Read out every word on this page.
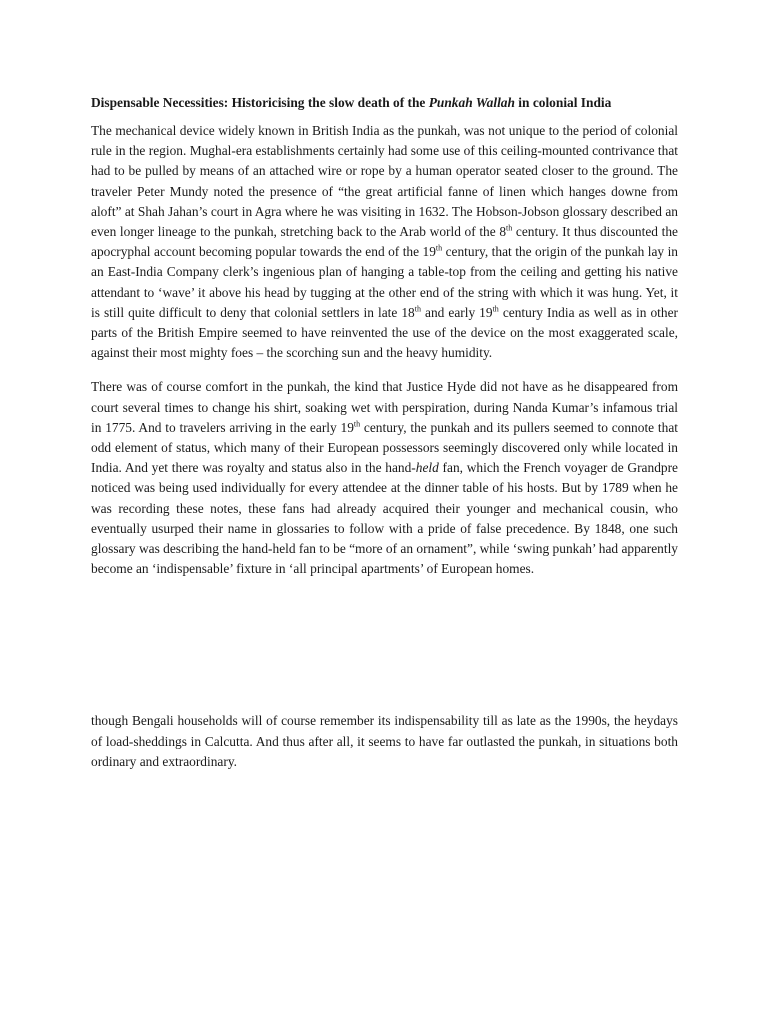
Dispensable Necessities: Historicising the slow death of the Punkah Wallah in colonial India

The mechanical device widely known in British India as the punkah, was not unique to the period of colonial rule in the region. Mughal-era establishments certainly had some use of this ceiling-mounted contrivance that had to be pulled by means of an attached wire or rope by a human operator seated closer to the ground. The traveler Peter Mundy noted the presence of “the great artificial fanne of linen which hanges downe from aloft” at Shah Jahan’s court in Agra where he was visiting in 1632. The Hobson-Jobson glossary described an even longer lineage to the punkah, stretching back to the Arab world of the 8th century. It thus discounted the apocryphal account becoming popular towards the end of the 19th century, that the origin of the punkah lay in an East-India Company clerk’s ingenious plan of hanging a table-top from the ceiling and getting his native attendant to ‘wave’ it above his head by tugging at the other end of the string with which it was hung. Yet, it is still quite difficult to deny that colonial settlers in late 18th and early 19th century India as well as in other parts of the British Empire seemed to have reinvented the use of the device on the most exaggerated scale, against their most mighty foes – the scorching sun and the heavy humidity.

There was of course comfort in the punkah, the kind that Justice Hyde did not have as he disappeared from court several times to change his shirt, soaking wet with perspiration, during Nanda Kumar’s infamous trial in 1775. And to travelers arriving in the early 19th century, the punkah and its pullers seemed to connote that odd element of status, which many of their European possessors seemingly discovered only while located in India. And yet there was royalty and status also in the hand-held fan, which the French voyager de Grandpre noticed was being used individually for every attendee at the dinner table of his hosts. But by 1789 when he was recording these notes, these fans had already acquired their younger and mechanical cousin, who eventually usurped their name in glossaries to follow with a pride of false precedence. By 1848, one such glossary was describing the hand-held fan to be “more of an ornament”, while ‘swing punkah’ had apparently become an ‘indispensable’ fixture in ‘all principal apartments’ of European homes.

though Bengali households will of course remember its indispensability till as late as the 1990s, the heydays of load-sheddings in Calcutta. And thus after all, it seems to have far outlasted the punkah, in situations both ordinary and extraordinary.
